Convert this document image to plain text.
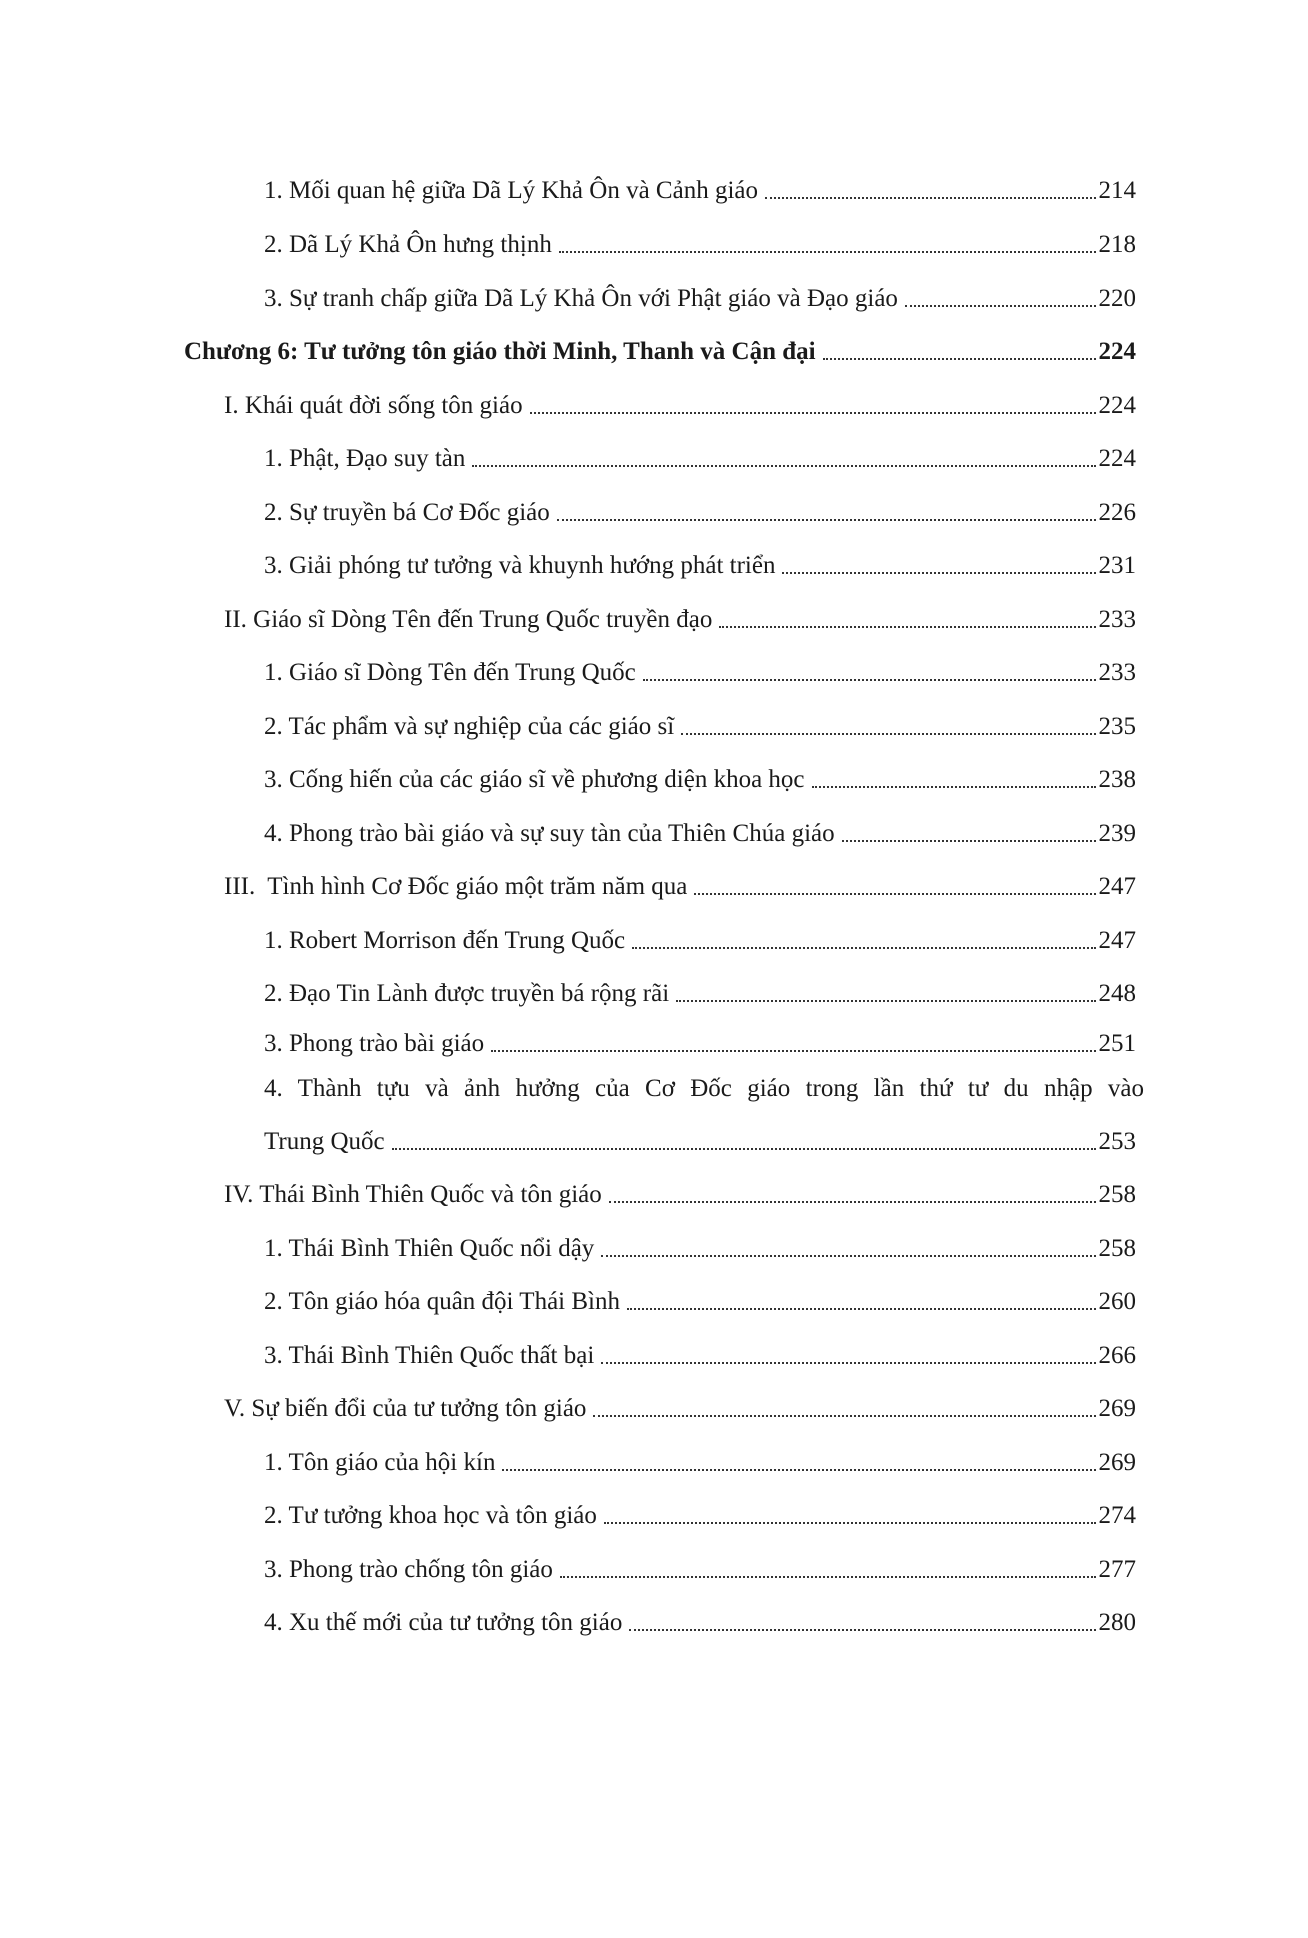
1. Mối quan hệ giữa Dã Lý Khả Ôn và Cảnh giáo	214
2. Dã Lý Khả Ôn hưng thịnh	218
3. Sự tranh chấp giữa Dã Lý Khả Ôn với Phật giáo và Đạo giáo	220
Chương 6: Tư tưởng tôn giáo thời Minh, Thanh và Cận đại	224
I. Khái quát đời sống tôn giáo	224
1. Phật, Đạo suy tàn	224
2. Sự truyền bá Cơ Đốc giáo	226
3. Giải phóng tư tưởng và khuynh hướng phát triển	231
II. Giáo sĩ Dòng Tên đến Trung Quốc truyền đạo	233
1. Giáo sĩ Dòng Tên đến Trung Quốc	233
2. Tác phẩm và sự nghiệp của các giáo sĩ	235
3. Cống hiến của các giáo sĩ về phương diện khoa học	238
4. Phong trào bài giáo và sự suy tàn của Thiên Chúa giáo	239
III.  Tình hình Cơ Đốc giáo một trăm năm qua	247
1. Robert Morrison đến Trung Quốc	247
2. Đạo Tin Lành được truyền bá rộng rãi	248
3. Phong trào bài giáo	251
4. Thành tựu và ảnh hưởng của Cơ Đốc giáo trong lần thứ tư du nhập vào
Trung Quốc	253
IV. Thái Bình Thiên Quốc và tôn giáo	258
1. Thái Bình Thiên Quốc nổi dậy	258
2. Tôn giáo hóa quân đội Thái Bình	260
3. Thái Bình Thiên Quốc thất bại	266
V. Sự biến đổi của tư tưởng tôn giáo	269
1. Tôn giáo của hội kín	269
2. Tư tưởng khoa học và tôn giáo	274
3. Phong trào chống tôn giáo	277
4. Xu thế mới của tư tưởng tôn giáo	280
